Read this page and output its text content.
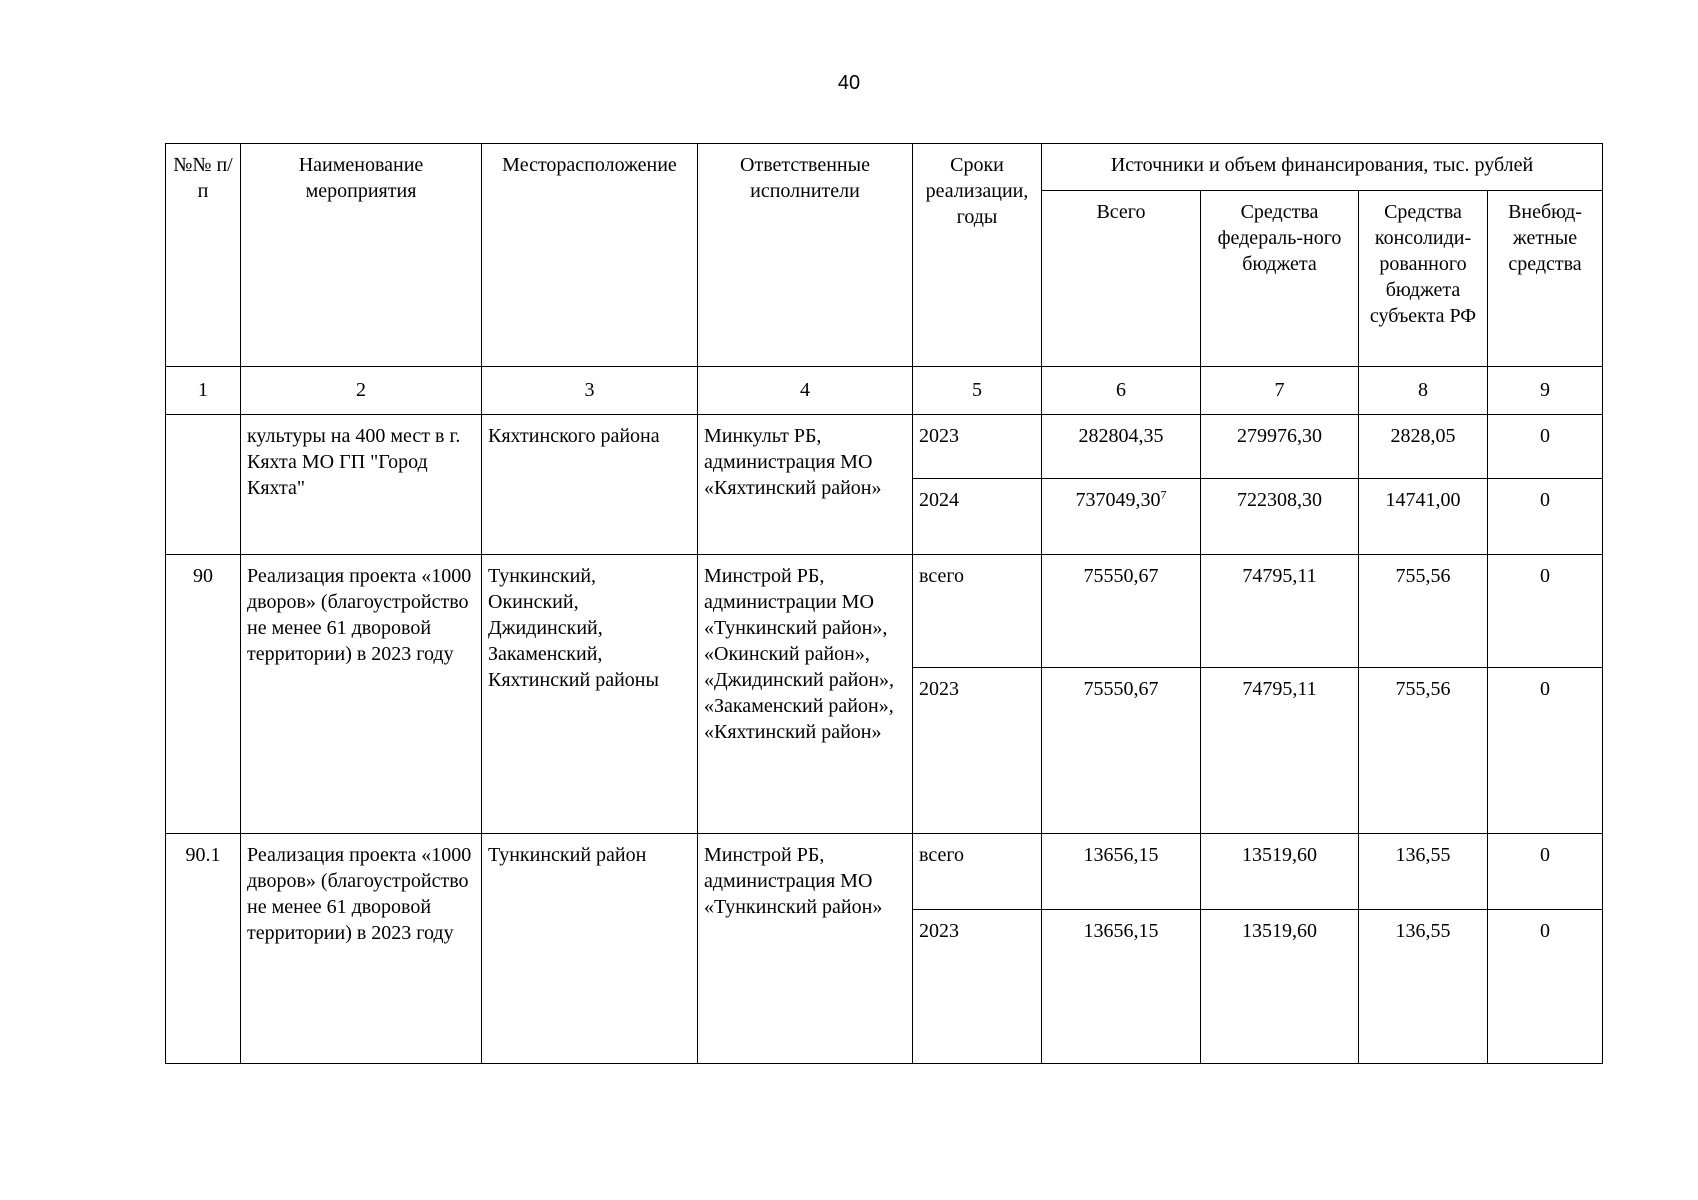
40
№№ п/п	Наименование мероприятия	Месторасположение	Ответственные исполнители	Сроки реализации, годы	Источники и объем финансирования, тыс. рублей			
					Всего	Средства федераль-ного бюджета	Средства консолиди-рованного бюджета субъекта РФ	Внебюд-жетные средства
1	2	3	4	5	6	7	8	9
	культуры на 400 мест в г. Кяхта МО ГП "Город Кяхта"	Кяхтинского района	Минкульт РБ, администрация МО «Кяхтинский район»	2023	282804,35	279976,30	2828,05	0
				2024	737049,30$^7$	722308,30	14741,00	0
90	Реализация проекта «1000 дворов» (благоустройство не менее 61 дворовой территории) в 2023 году	Тункинский, Окинский, Джидинский, Закаменский, Кяхтинский районы	Минстрой РБ, администрации МО «Тункинский район», «Окинский район», «Джидинский район», «Закаменский район», «Кяхтинский район»	всего	75550,67	74795,11	755,56	0
				2023	75550,67	74795,11	755,56	0
90.1	Реализация проекта «1000 дворов» (благоустройство не менее 61 дворовой территории) в 2023 году	Тункинский район	Минстрой РБ, администрация МО «Тункинский район»	всего	13656,15	13519,60	136,55	0
				2023	13656,15	13519,60	136,55	0
